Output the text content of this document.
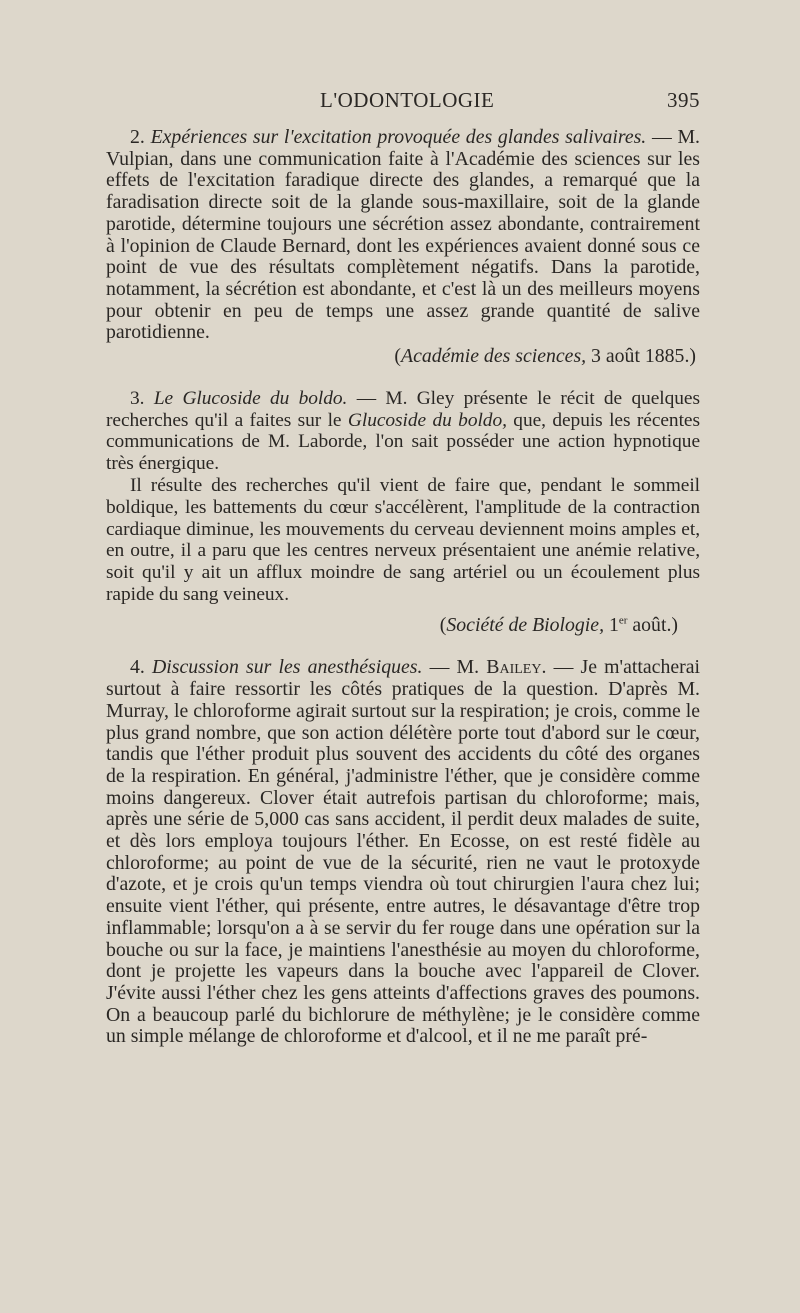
L'ODONTOLOGIE	395

2. Expériences sur l'excitation provoquée des glandes salivaires. — M. Vulpian, dans une communication faite à l'Académie des sciences sur les effets de l'excitation faradique directe des glandes, a remarqué que la faradisation directe soit de la glande sous-maxillaire, soit de la glande parotide, détermine toujours une sécrétion assez abondante, contrairement à l'opinion de Claude Bernard, dont les expériences avaient donné sous ce point de vue des résultats complètement négatifs. Dans la parotide, notamment, la sécrétion est abondante, et c'est là un des meilleurs moyens pour obtenir en peu de temps une assez grande quantité de salive parotidienne.

(Académie des sciences, 3 août 1885.)

3. Le Glucoside du boldo. — M. Gley présente le récit de quelques recherches qu'il a faites sur le Glucoside du boldo, que, depuis les récentes communications de M. Laborde, l'on sait posséder une action hypnotique très énergique.

Il résulte des recherches qu'il vient de faire que, pendant le sommeil boldique, les battements du cœur s'accélèrent, l'amplitude de la contraction cardiaque diminue, les mouvements du cerveau deviennent moins amples et, en outre, il a paru que les centres nerveux présentaient une anémie relative, soit qu'il y ait un afflux moindre de sang artériel ou un écoulement plus rapide du sang veineux.

(Société de Biologie, 1er août.)

4. Discussion sur les anesthésiques. — M. Bailey. — Je m'attacherai surtout à faire ressortir les côtés pratiques de la question. D'après M. Murray, le chloroforme agirait surtout sur la respiration; je crois, comme le plus grand nombre, que son action délétère porte tout d'abord sur le cœur, tandis que l'éther produit plus souvent des accidents du côté des organes de la respiration. En général, j'administre l'éther, que je considère comme moins dangereux. Clover était autrefois partisan du chloroforme; mais, après une série de 5,000 cas sans accident, il perdit deux malades de suite, et dès lors employa toujours l'éther. En Ecosse, on est resté fidèle au chloroforme; au point de vue de la sécurité, rien ne vaut le protoxyde d'azote, et je crois qu'un temps viendra où tout chirurgien l'aura chez lui; ensuite vient l'éther, qui présente, entre autres, le désavantage d'être trop inflammable; lorsqu'on a à se servir du fer rouge dans une opération sur la bouche ou sur la face, je maintiens l'anesthésie au moyen du chloroforme, dont je projette les vapeurs dans la bouche avec l'appareil de Clover. J'évite aussi l'éther chez les gens atteints d'affections graves des poumons. On a beaucoup parlé du bichlorure de méthylène; je le considère comme un simple mélange de chloroforme et d'alcool, et il ne me paraît pré-
